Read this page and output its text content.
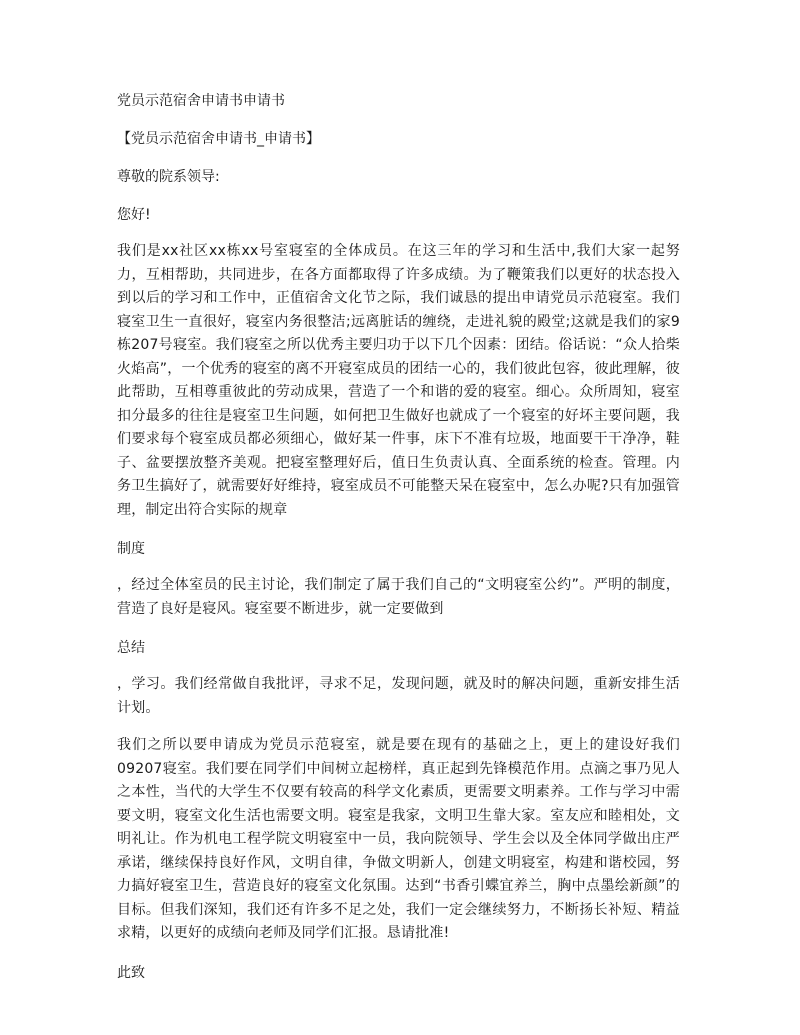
党员示范宿舍申请书申请书

【党员示范宿舍申请书_申请书】

尊敬的院系领导:

您好!

我们是xx社区xx栋xx号室寝室的全体成员。在这三年的学习和生活中,我们大家一起努力，互相帮助，共同进步，在各方面都取得了许多成绩。为了鞭策我们以更好的状态投入到以后的学习和工作中，正值宿舍文化节之际，我们诚恳的提出申请党员示范寝室。我们寝室卫生一直很好，寝室内务很整洁;远离脏话的缠绕，走进礼貌的殿堂;这就是我们的家9栋207号寝室。我们寝室之所以优秀主要归功于以下几个因素：团结。俗话说：“众人拾柴火焰高”，一个优秀的寝室的离不开寝室成员的团结一心的，我们彼此包容，彼此理解，彼此帮助，互相尊重彼此的劳动成果，营造了一个和谐的爱的寝室。细心。众所周知，寝室扣分最多的往往是寝室卫生问题，如何把卫生做好也就成了一个寝室的好坏主要问题，我们要求每个寝室成员都必须细心，做好某一件事，床下不准有垃圾，地面要干干净净，鞋子、盆要摆放整齐美观。把寝室整理好后，值日生负责认真、全面系统的检查。管理。内务卫生搞好了，就需要好好维持，寝室成员不可能整天呆在寝室中，怎么办呢?只有加强管理，制定出符合实际的规章

制度

，经过全体室员的民主讨论，我们制定了属于我们自己的“文明寝室公约”。严明的制度，营造了良好是寝风。寝室要不断进步，就一定要做到

总结

，学习。我们经常做自我批评，寻求不足，发现问题，就及时的解决问题，重新安排生活计划。

我们之所以要申请成为党员示范寝室，就是要在现有的基础之上，更上的建设好我们09207寝室。我们要在同学们中间树立起榜样，真正起到先锋模范作用。点滴之事乃见人之本性，当代的大学生不仅要有较高的科学文化素质，更需要文明素养。工作与学习中需要文明，寝室文化生活也需要文明。寝室是我家，文明卫生靠大家。室友应和睦相处，文明礼让。作为机电工程学院文明寝室中一员，我向院领导、学生会以及全体同学做出庄严承诺，继续保持良好作风，文明自律，争做文明新人，创建文明寝室，构建和谐校园，努力搞好寝室卫生，营造良好的寝室文化氛围。达到“书香引蝶宜养兰，胸中点墨绘新颜”的目标。但我们深知，我们还有许多不足之处，我们一定会继续努力，不断扬长补短、精益求精，以更好的成绩向老师及同学们汇报。恳请批准!

此致
